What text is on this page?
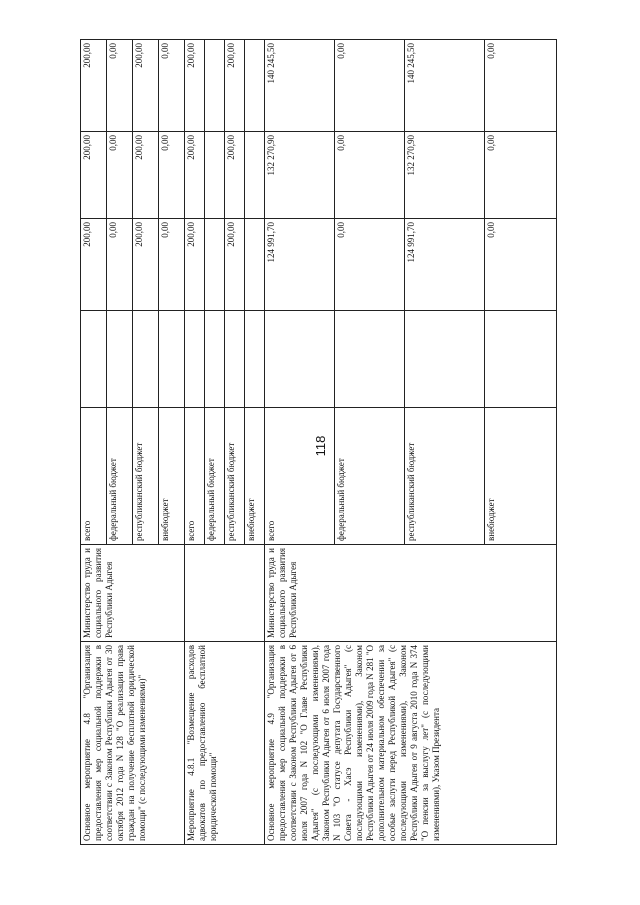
118
Основное мероприятие 4.8 "Организация предоставления мер социальной поддержки в соответствии с Законом Республики Адыгея от 30 октября 2012 года N 128 "О реализации права граждан на получение бесплатной юридической помощи" (с последующими изменениями)"	Министерство труда и социального развития Республики Адыгея	всего		200,00	200,00	200,00
		федеральный бюджет		0,00	0,00	0,00
		республиканский бюджет		200,00	200,00	200,00
		внебюджет		0,00	0,00	0,00
Мероприятие 4.8.1 "Возмещение расходов адвокатов по предоставлению бесплатной юридической помощи"		всего		200,00	200,00	200,00
		федеральный бюджет				
		республиканский бюджет		200,00	200,00	200,00
		внебюджет				
Основное мероприятие 4.9 "Организация предоставления мер социальной поддержки в соответствии с Законом Республики Адыгея от 6 июля 2007 года N 102 "О Главе Республики Адыгея" (с последующими изменениями), Законом Республики Адыгея от 6 июля 2007 года N 103 "О статусе депутата Государственного Совета - Хасэ Республики Адыгея" (с последующими изменениями), Законом Республики Адыгея от 24 июля 2009 года N 281 "О дополнительном материальном обеспечении за особые заслуги перед Республикой Адыгея" (с последующими изменениями), Законом Республики Адыгея от 9 августа 2010 года N 374 "О пенсии за выслугу лет" (с последующими изменениями), Указом Президента	Министерство труда и социального развития Республики Адыгея	всего		124 991,70	132 270,90	140 245,50
		федеральный бюджет		0,00	0,00	0,00
		республиканский бюджет		124 991,70	132 270,90	140 245,50
		внебюджет		0,00	0,00	0,00
